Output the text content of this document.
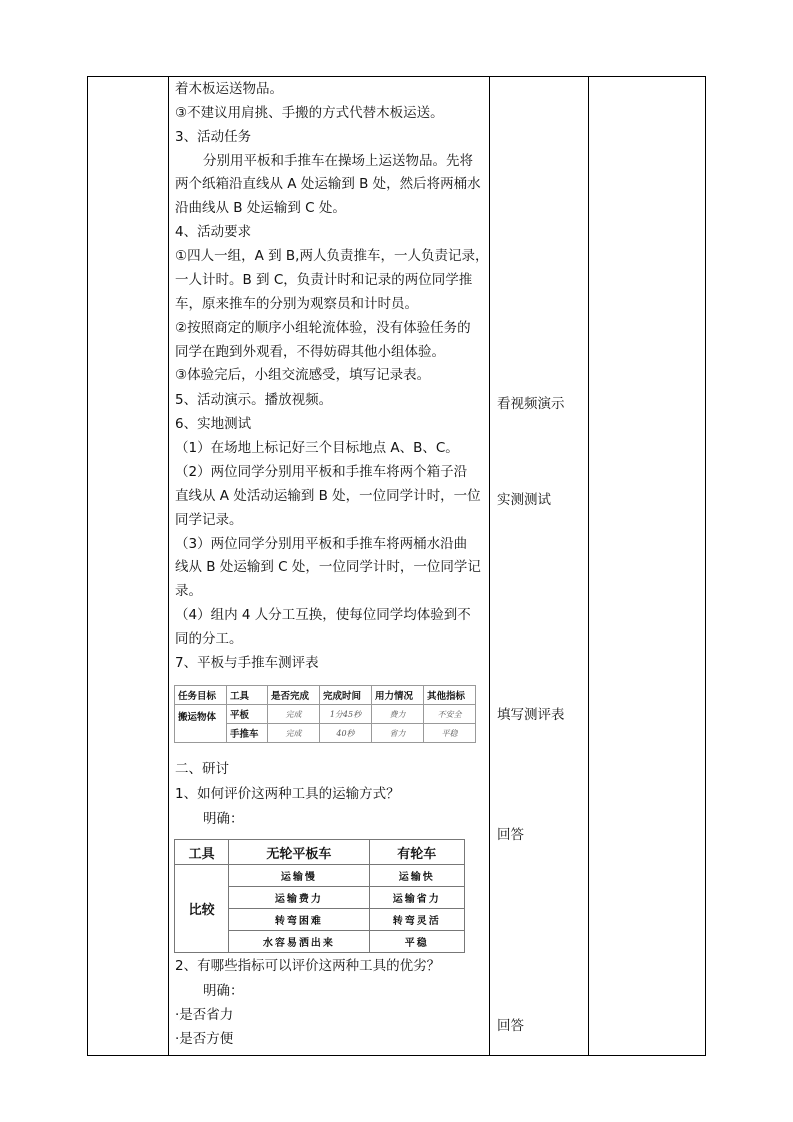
着木板运送物品。
③不建议用肩挑、手搬的方式代替木板运送。
3、活动任务
分别用平板和手推车在操场上运送物品。先将
两个纸箱沿直线从 A 处运输到 B 处，然后将两桶水
沿曲线从 B 处运输到 C 处。
4、活动要求
①四人一组，A 到 B,两人负责推车，一人负责记录，
一人计时。B 到 C，负责计时和记录的两位同学推
车，原来推车的分别为观察员和计时员。
②按照商定的顺序小组轮流体验，没有体验任务的
同学在跑到外观看，不得妨碍其他小组体验。
③体验完后，小组交流感受，填写记录表。
5、活动演示。播放视频。
6、实地测试
（1）在场地上标记好三个目标地点 A、B、C。
（2）两位同学分别用平板和手推车将两个箱子沿
直线从 A 处活动运输到 B 处，一位同学计时，一位
同学记录。
（3）两位同学分别用平板和手推车将两桶水沿曲
线从 B 处运输到 C 处，一位同学计时，一位同学记
录。
（4）组内 4 人分工互换，使每位同学均体验到不
同的分工。
7、平板与手推车测评表
任务目标	工具	是否完成	完成时间	用力情况	其他指标
搬运物体	平板	完成	1分45秒	费力	不安全
	手推车	完成	40秒	省力	平稳
二、研讨
1、如何评价这两种工具的运输方式？
明确：
工具	无轮平板车	有轮车
比较	运输慢	运输快
	运输费力	运输省力
	转弯困难	转弯灵活
	水容易洒出来	平稳
2、有哪些指标可以评价这两种工具的优劣？
明确：
·是否省力
·是否方便
看视频演示
实测测试
填写测评表
回答
回答
